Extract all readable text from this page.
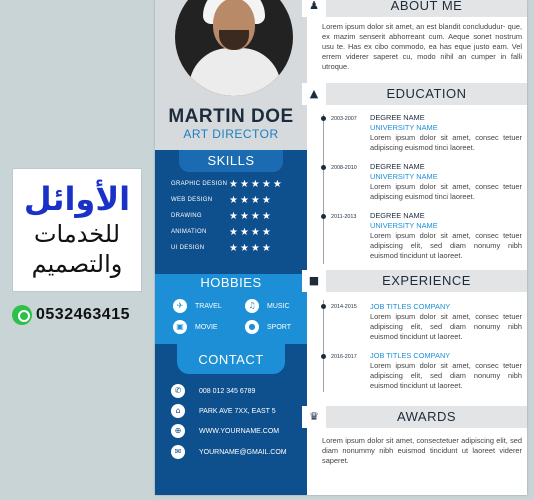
الأوائل
للخدمات
والتصميم
0532463415
MARTIN DOE
ART DIRECTOR
SKILLS
GRAPHIC DESIGN ★★★★★
WEB DESIGN	★★★★
DRAWING	★★★★
ANIMATION	★★★★
UI DESIGN	★★★★
HOBBIES
✈	TRAVEL	♫	MUSIC
▣	MOVIE	●	SPORT
CONTACT
✆	008 012 345 6789
⌂	PARK AVE 7XX, EAST 5
⊕	WWW.YOURNAME.COM
✉	YOURNAME@GMAIL.COM
♟	ABOUT ME
Lorem ipsum dolor sit amet, an est blandit conclududur- que, ex mazim senserit abhorreant cum. Aeque sonet nostrum usu te. Has ex cibo commodo, ea has eque justo eam. Vel errem viderer saperet cu, modo nihil an cumper in falli utroque.
▲	EDUCATION
2003-2007 DEGREE NAME
UNIVERSITY NAME
Lorem ipsum dolor sit amet, consec tetuer adipiscing euismod tinci laoreet.
2008-2010 DEGREE NAME
UNIVERSITY NAME
Lorem ipsum dolor sit amet, consec tetuer adipiscing euismod tinci laoreet.
2011-2013 DEGREE NAME
UNIVERSITY NAME
Lorem ipsum dolor sit amet, consec tetuer adipiscing elit, sed diam nonumy nibh euismod tincidunt ut laoreet.
■	EXPERIENCE
2014-2015 JOB TITLES COMPANY
Lorem ipsum dolor sit amet, consec tetuer adipiscing elit, sed diam nonumy nibh euismod tincidunt ut laoreet.
2016-2017 JOB TITLES COMPANY
Lorem ipsum dolor sit amet, consec tetuer adipiscing elit, sed diam nonumy nibh euismod tincidunt ut laoreet.
♛	AWARDS
Lorem ipsum dolor sit amet, consectetuer adipiscing elit, sed diam nonummy nibh euismod tincidunt ut laoreet viderer saperet.
